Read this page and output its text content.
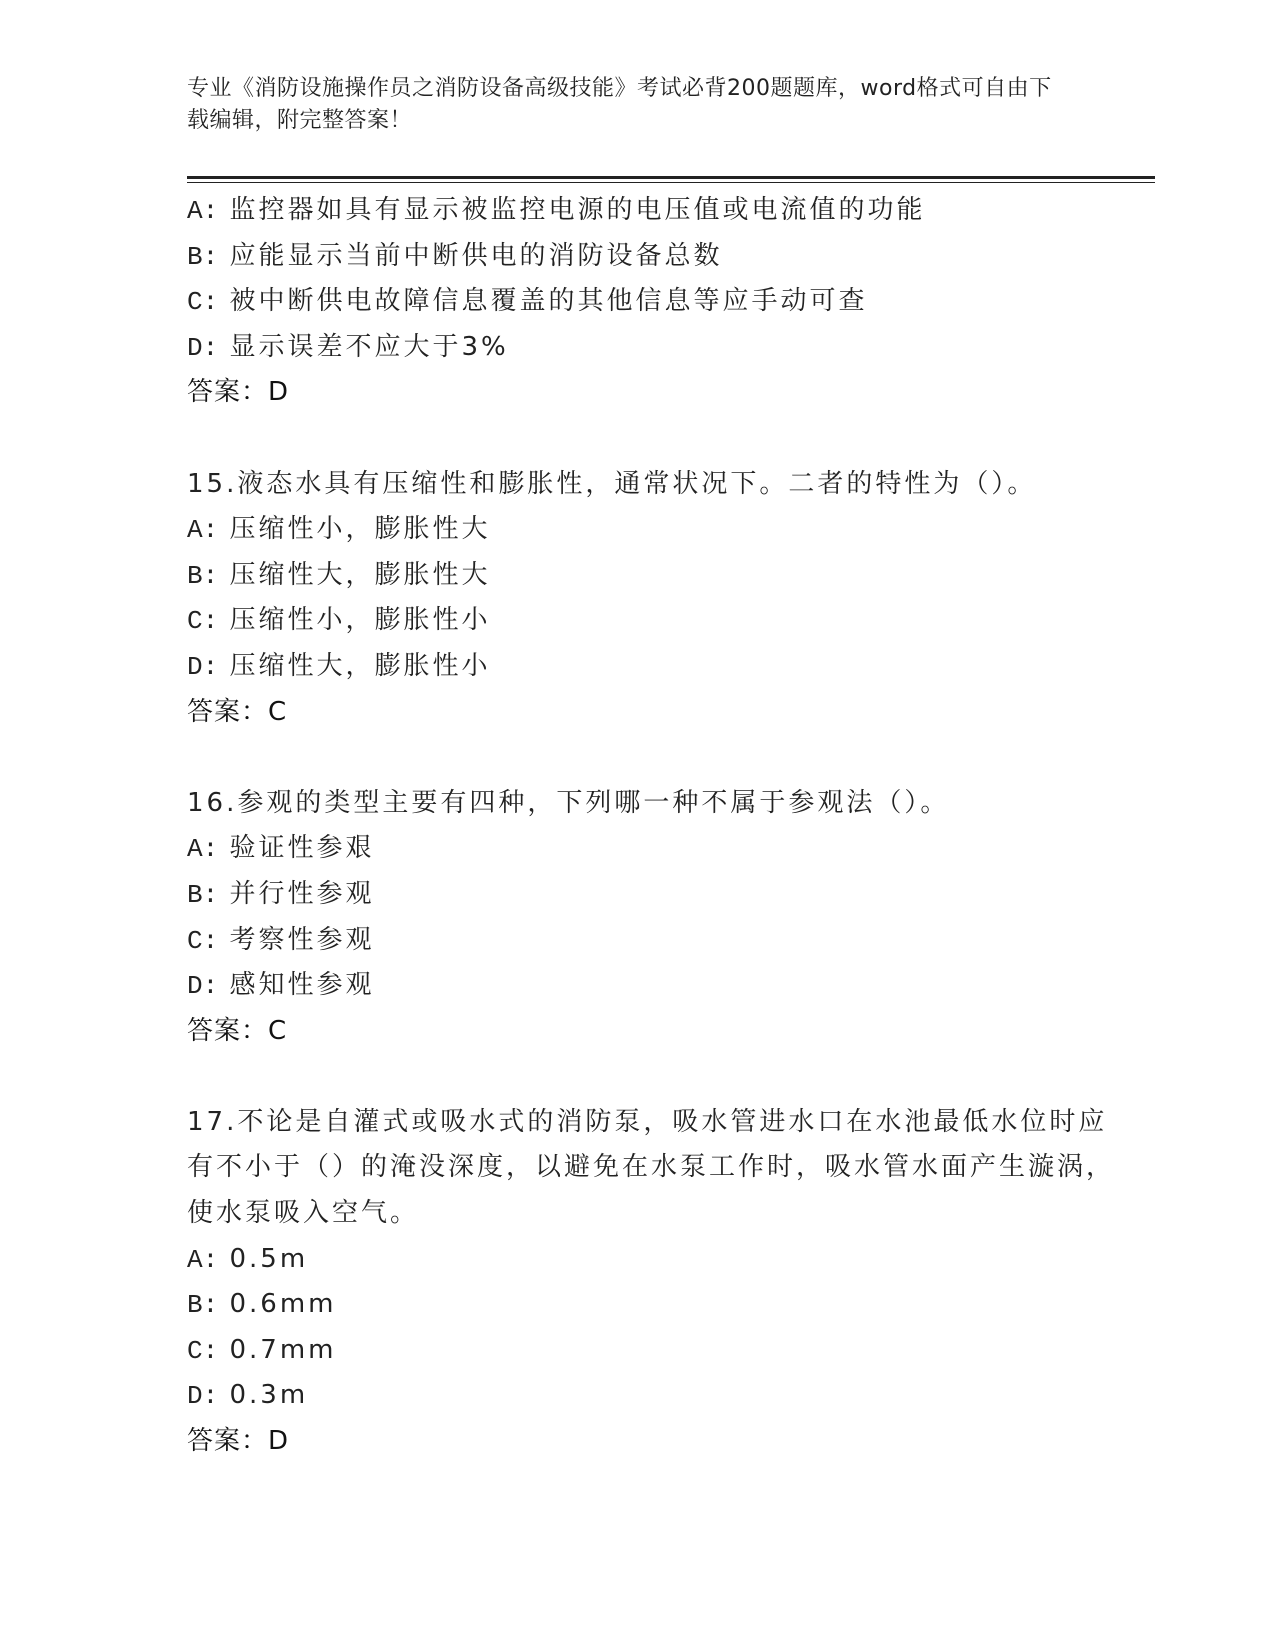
专业《消防设施操作员之消防设备高级技能》考试必背200题题库，word格式可自由下载编辑，附完整答案！
A: 监控器如具有显示被监控电源的电压值或电流值的功能
B: 应能显示当前中断供电的消防设备总数
C: 被中断供电故障信息覆盖的其他信息等应手动可查
D: 显示误差不应大于3%
答案：D
15.液态水具有压缩性和膨胀性，通常状况下。二者的特性为（）。
A: 压缩性小，膨胀性大
B: 压缩性大，膨胀性大
C: 压缩性小，膨胀性小
D: 压缩性大，膨胀性小
答案：C
16.参观的类型主要有四种，下列哪一种不属于参观法（）。
A: 验证性参艰
B: 并行性参观
C: 考察性参观
D: 感知性参观
答案：C
17.不论是自灌式或吸水式的消防泵，吸水管进水口在水池最低水位时应有不小于（）的淹没深度，以避免在水泵工作时，吸水管水面产生漩涡，使水泵吸入空气。
A: 0.5m
B: 0.6mm
C: 0.7mm
D: 0.3m
答案：D
